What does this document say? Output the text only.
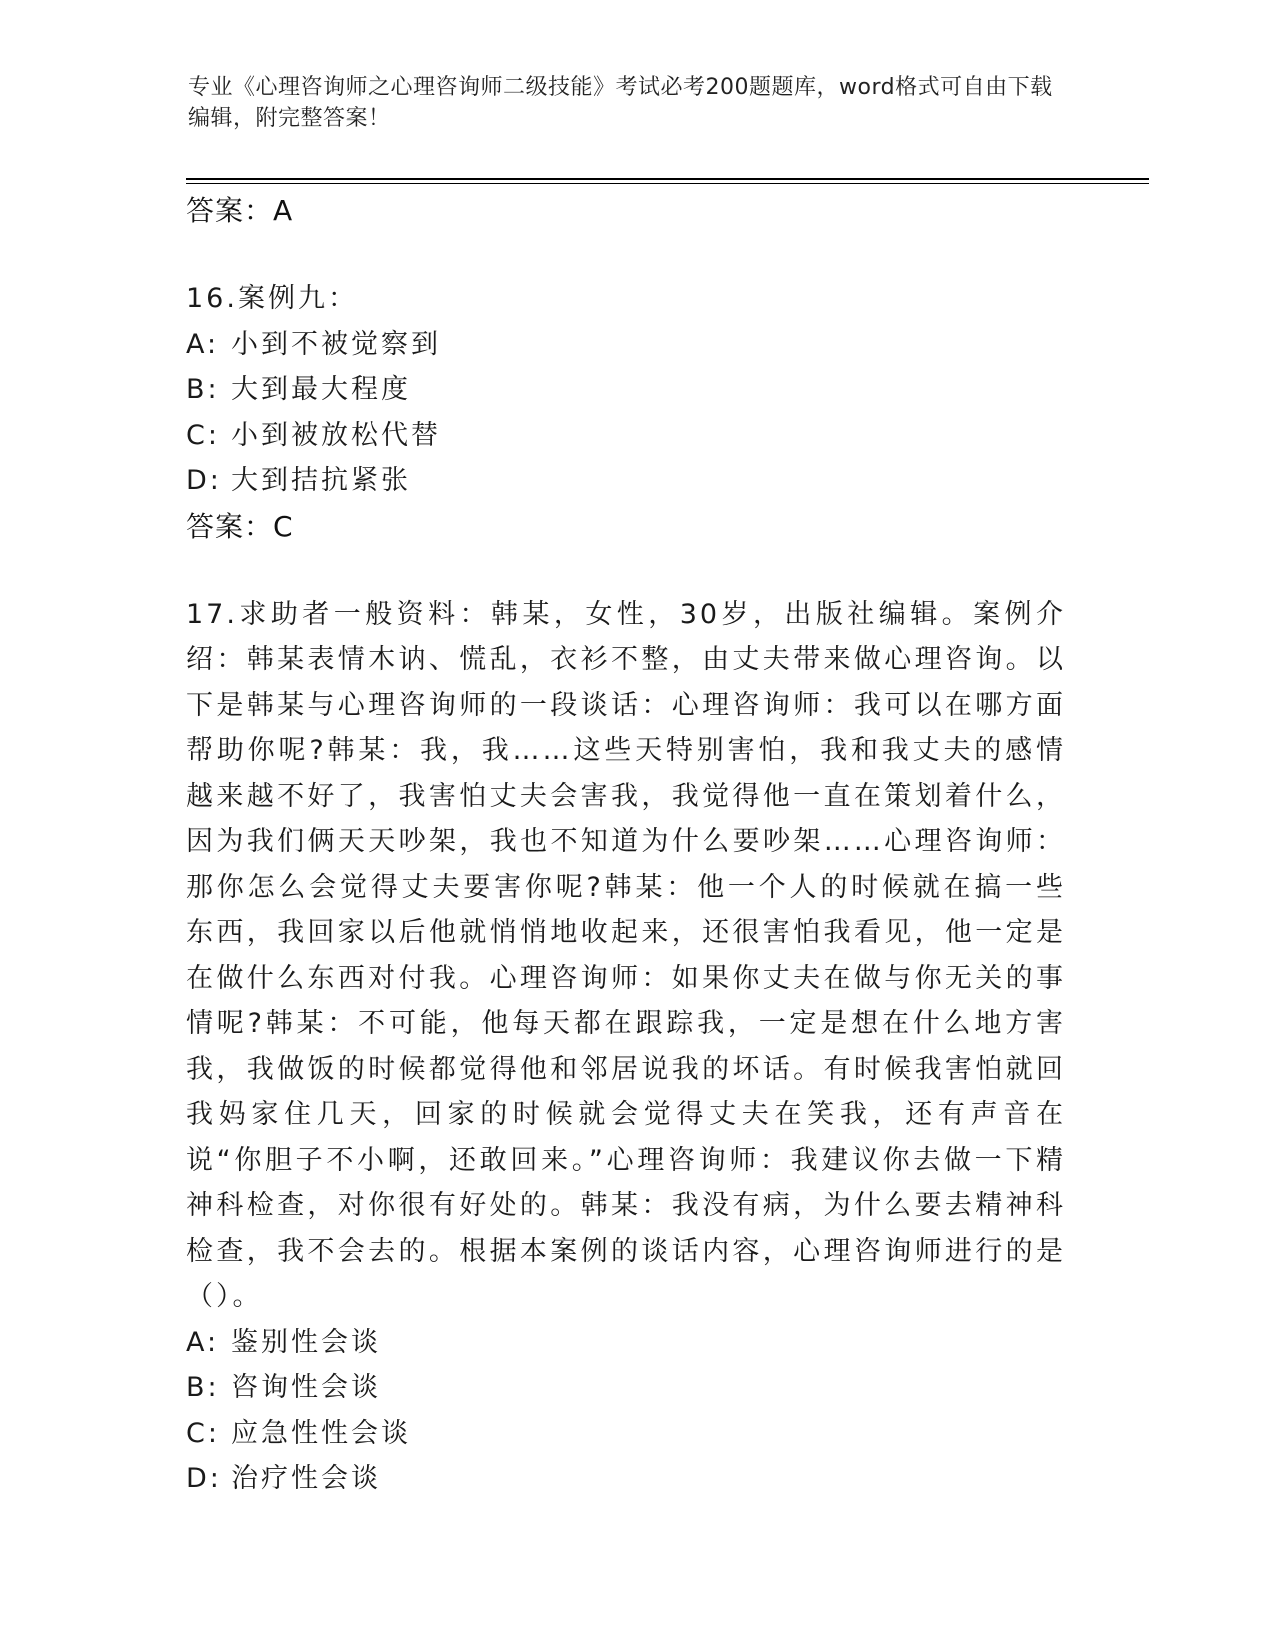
专业《心理咨询师之心理咨询师二级技能》考试必考200题题库，word格式可自由下载编辑，附完整答案！
答案：A
16.案例九：
A: 小到不被觉察到
B: 大到最大程度
C: 小到被放松代替
D: 大到拮抗紧张
答案：C
17.求助者一般资料：韩某，女性，30岁，出版社编辑。案例介绍：韩某表情木讷、慌乱，衣衫不整，由丈夫带来做心理咨询。以下是韩某与心理咨询师的一段谈话：心理咨询师：我可以在哪方面帮助你呢?韩某：我，我……这些天特别害怕，我和我丈夫的感情越来越不好了，我害怕丈夫会害我，我觉得他一直在策划着什么，因为我们俩天天吵架，我也不知道为什么要吵架……心理咨询师：那你怎么会觉得丈夫要害你呢?韩某：他一个人的时候就在搞一些东西，我回家以后他就悄悄地收起来，还很害怕我看见，他一定是在做什么东西对付我。心理咨询师：如果你丈夫在做与你无关的事情呢?韩某：不可能，他每天都在跟踪我，一定是想在什么地方害我，我做饭的时候都觉得他和邻居说我的坏话。有时候我害怕就回我妈家住几天，回家的时候就会觉得丈夫在笑我，还有声音在说“你胆子不小啊，还敢回来。”心理咨询师：我建议你去做一下精神科检查，对你很有好处的。韩某：我没有病，为什么要去精神科检查，我不会去的。根据本案例的谈话内容，心理咨询师进行的是（）。
A: 鉴别性会谈
B: 咨询性会谈
C: 应急性性会谈
D: 治疗性会谈
